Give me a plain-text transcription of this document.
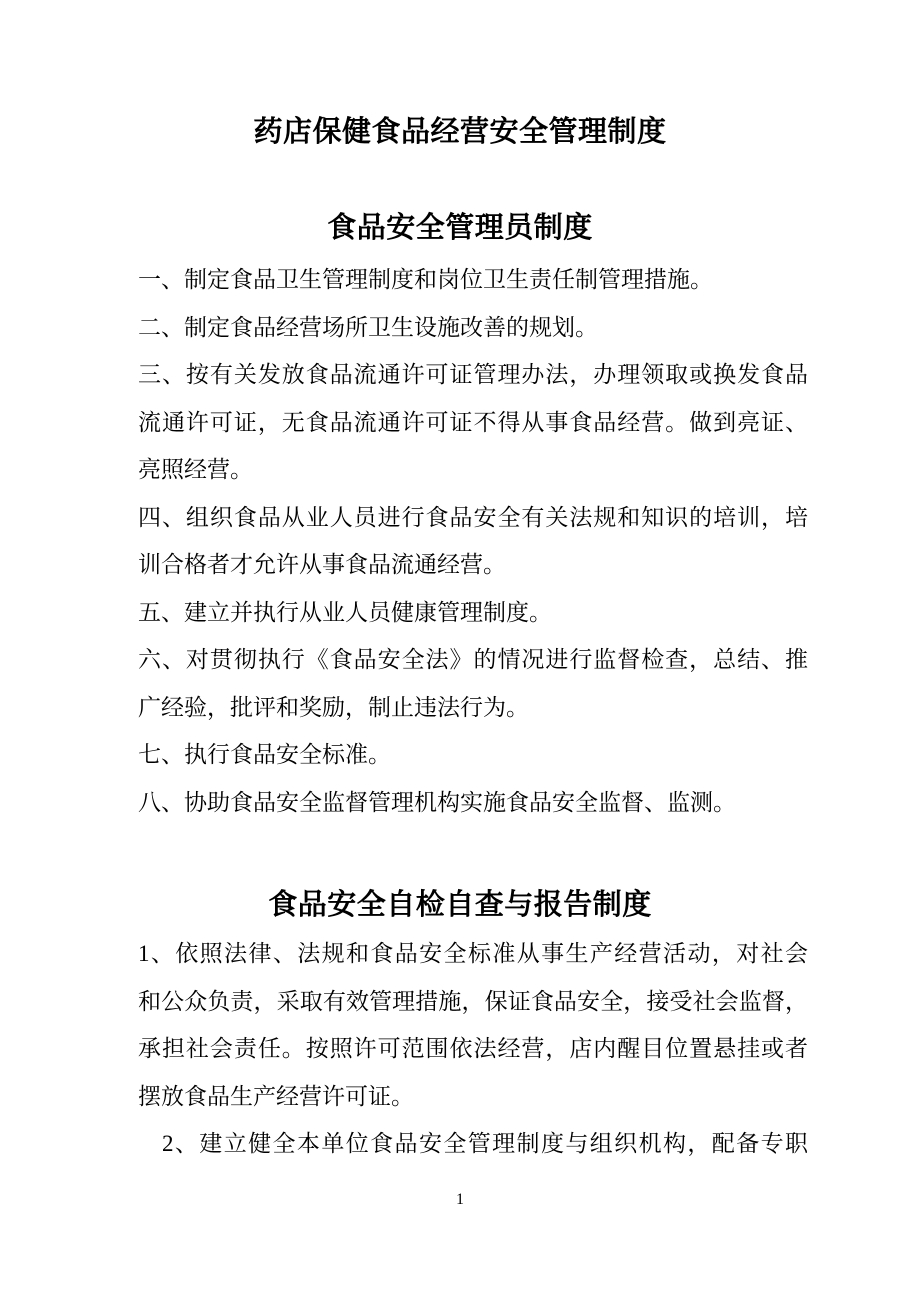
药店保健食品经营安全管理制度
食品安全管理员制度
一、制定食品卫生管理制度和岗位卫生责任制管理措施。
二、制定食品经营场所卫生设施改善的规划。
三、按有关发放食品流通许可证管理办法，办理领取或换发食品
流通许可证，无食品流通许可证不得从事食品经营。做到亮证、
亮照经营。
四、组织食品从业人员进行食品安全有关法规和知识的培训，培
训合格者才允许从事食品流通经营。
五、建立并执行从业人员健康管理制度。
六、对贯彻执行《食品安全法》的情况进行监督检查，总结、推
广经验，批评和奖励，制止违法行为。
七、执行食品安全标准。
八、协助食品安全监督管理机构实施食品安全监督、监测。
食品安全自检自查与报告制度
1、依照法律、法规和食品安全标准从事生产经营活动，对社会
和公众负责，采取有效管理措施，保证食品安全，接受社会监督，
承担社会责任。按照许可范围依法经营，店内醒目位置悬挂或者
摆放食品生产经营许可证。
2、建立健全本单位食品安全管理制度与组织机构，配备专职
1
